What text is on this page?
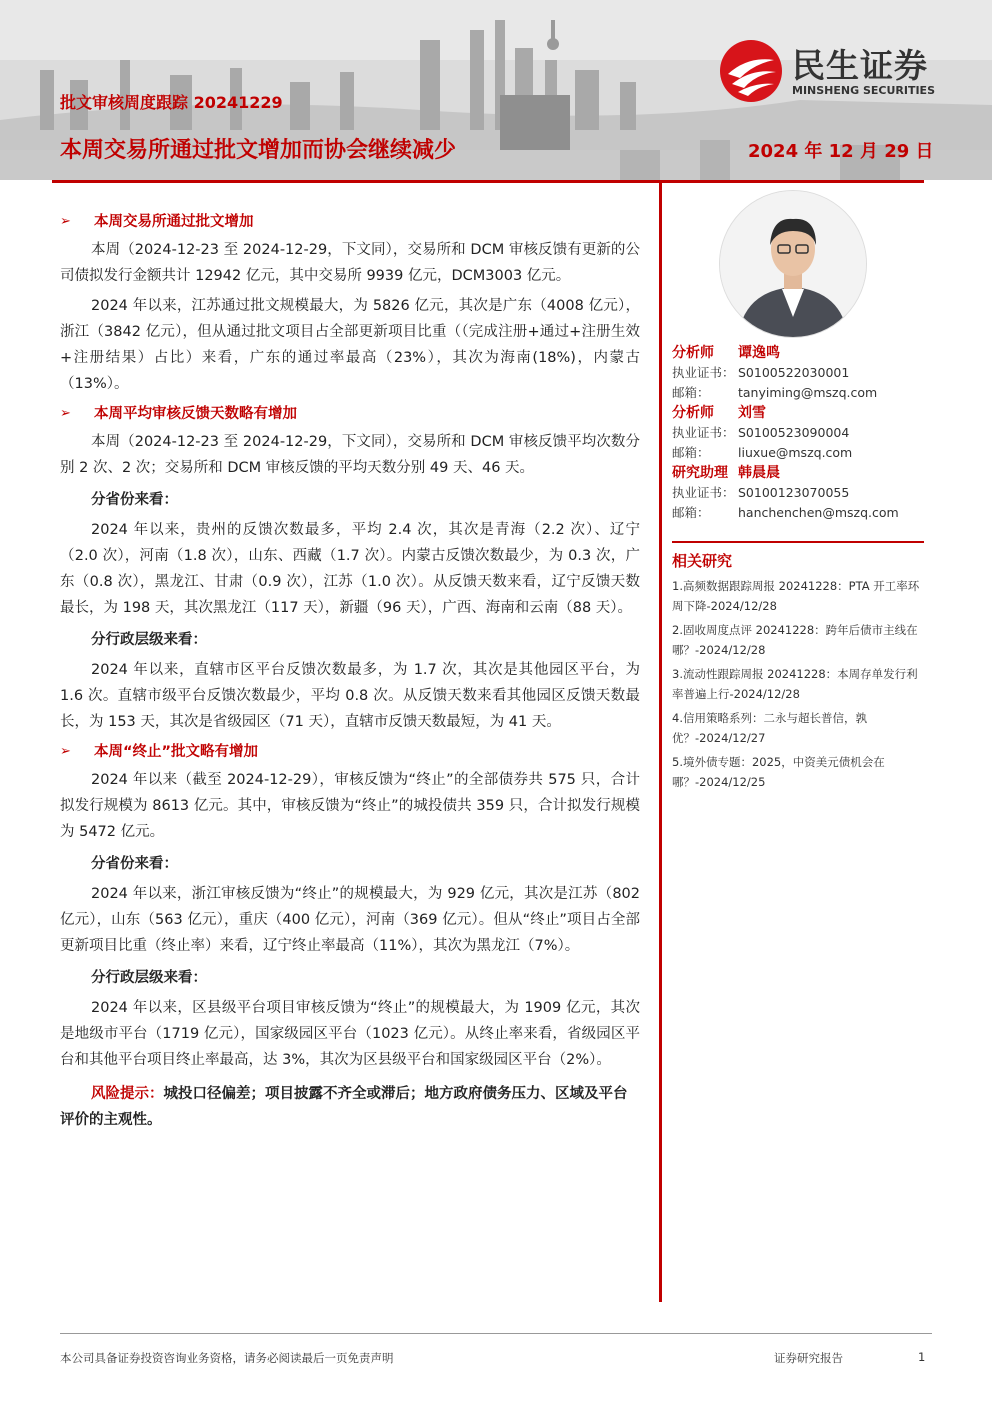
民生证券
MINSHENG SECURITIES
批文审核周度跟踪 20241229
本周交易所通过批文增加而协会继续减少	2024 年 12 月 29 日
➢	本周交易所通过批文增加

本周（2024-12-23 至 2024-12-29，下文同），交易所和 DCM 审核反馈有更新的公司债拟发行金额共计 12942 亿元，其中交易所 9939 亿元，DCM3003 亿元。

2024 年以来，江苏通过批文规模最大，为 5826 亿元，其次是广东（4008 亿元），浙江（3842 亿元），但从通过批文项目占全部更新项目比重（（完成注册+通过+注册生效+注册结果）占比）来看，广东的通过率最高（23%），其次为海南(18%)，内蒙古（13%）。

➢	本周平均审核反馈天数略有增加

本周（2024-12-23 至 2024-12-29，下文同），交易所和 DCM 审核反馈平均次数分别 2 次、2 次；交易所和 DCM 审核反馈的平均天数分别 49 天、46 天。

分省份来看：

2024 年以来，贵州的反馈次数最多，平均 2.4 次，其次是青海（2.2 次）、辽宁（2.0 次），河南（1.8 次），山东、西藏（1.7 次）。内蒙古反馈次数最少，为 0.3 次，广东（0.8 次），黑龙江、甘肃（0.9 次），江苏（1.0 次）。从反馈天数来看，辽宁反馈天数最长，为 198 天，其次黑龙江（117 天），新疆（96 天），广西、海南和云南（88 天）。

分行政层级来看：

2024 年以来，直辖市区平台反馈次数最多，为 1.7 次，其次是其他园区平台，为 1.6 次。直辖市级平台反馈次数最少，平均 0.8 次。从反馈天数来看其他园区反馈天数最长，为 153 天，其次是省级园区（71 天），直辖市反馈天数最短，为 41 天。

➢	本周“终止”批文略有增加

2024 年以来（截至 2024-12-29），审核反馈为“终止”的全部债券共 575 只，合计拟发行规模为 8613 亿元。其中，审核反馈为“终止”的城投债共 359 只，合计拟发行规模为 5472 亿元。

分省份来看：

2024 年以来，浙江审核反馈为“终止”的规模最大，为 929 亿元，其次是江苏（802 亿元），山东（563 亿元），重庆（400 亿元），河南（369 亿元）。但从“终止”项目占全部更新项目比重（终止率）来看，辽宁终止率最高（11%），其次为黑龙江（7%）。

分行政层级来看：

2024 年以来，区县级平台项目审核反馈为“终止”的规模最大，为 1909 亿元，其次是地级市平台（1719 亿元），国家级园区平台（1023 亿元）。从终止率来看，省级园区平台和其他平台项目终止率最高，达 3%，其次为区县级平台和国家级园区平台（2%）。

风险提示：城投口径偏差；项目披露不齐全或滞后；地方政府债务压力、区域及平台评价的主观性。
分析师	谭逸鸣
执业证书： S0100522030001
邮箱：	tanyiming@mszq.com
分析师	刘雪
执业证书： S0100523090004
邮箱：	liuxue@mszq.com
研究助理 韩晨晨
执业证书： S0100123070055
邮箱：	hanchenchen@mszq.com
相关研究
1.高频数据跟踪周报 20241228：PTA 开工率环周下降-2024/12/28
2.固收周度点评 20241228：跨年后债市主线在哪？-2024/12/28
3.流动性跟踪周报 20241228：本周存单发行利率普遍上行-2024/12/28
4.信用策略系列：二永与超长普信，孰优？-2024/12/27
5.境外债专题：2025，中资美元债机会在哪？-2024/12/25
本公司具备证券投资咨询业务资格，请务必阅读最后一页免责声明	证券研究报告	1
